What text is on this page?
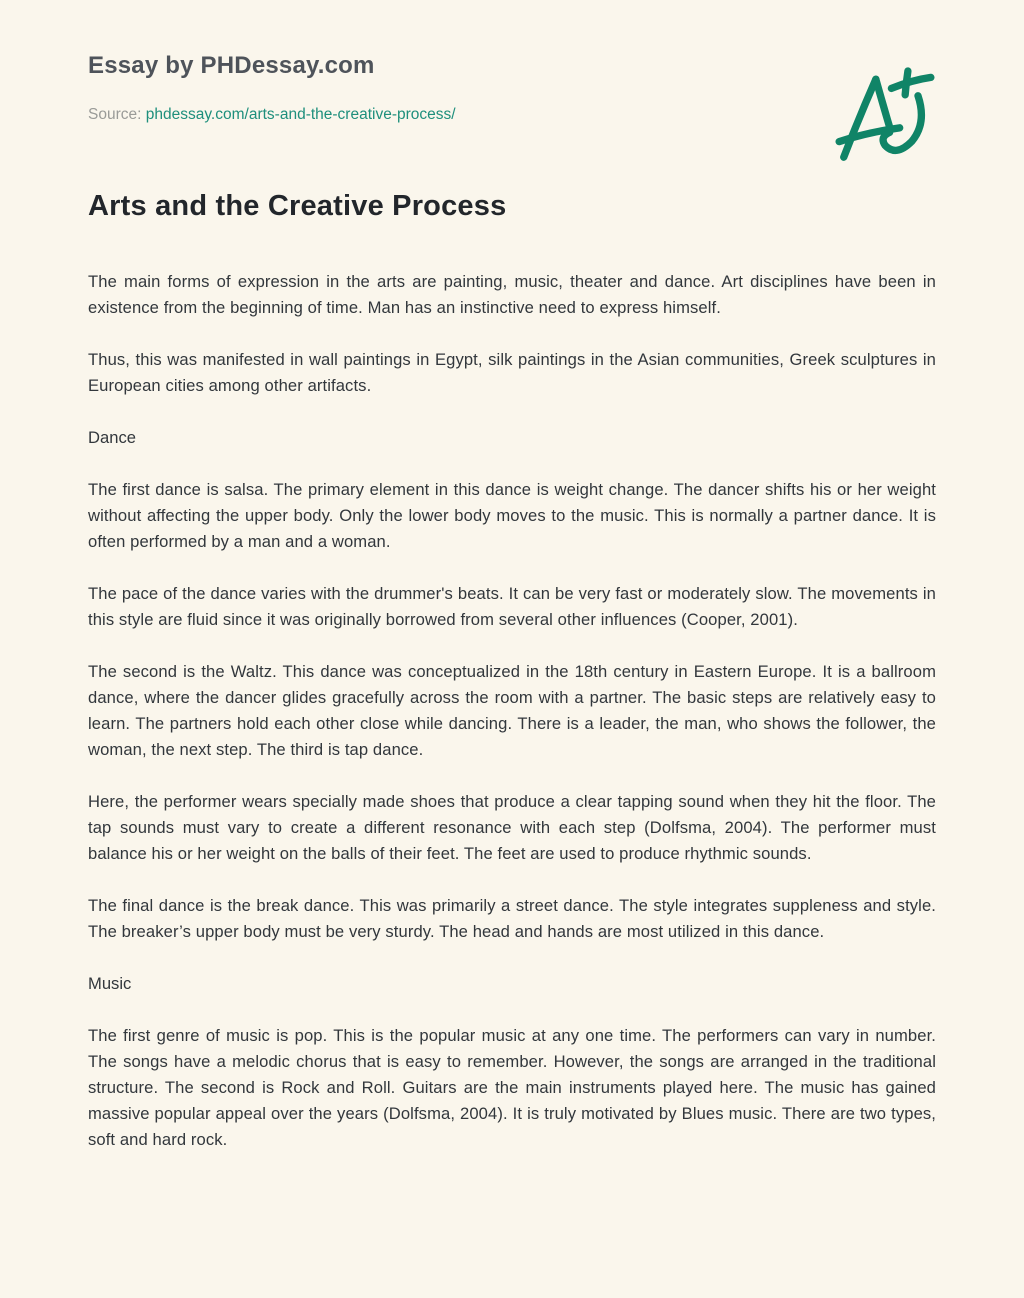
Essay by PHDessay.com
Source: phdessay.com/arts-and-the-creative-process/
Arts and the Creative Process

The main forms of expression in the arts are painting, music, theater and dance. Art disciplines have been in existence from the beginning of time. Man has an instinctive need to express himself.

Thus, this was manifested in wall paintings in Egypt, silk paintings in the Asian communities, Greek sculptures in European cities among other artifacts.

Dance

The first dance is salsa. The primary element in this dance is weight change. The dancer shifts his or her weight without affecting the upper body. Only the lower body moves to the music. This is normally a partner dance. It is often performed by a man and a woman.

The pace of the dance varies with the drummer's beats. It can be very fast or moderately slow. The movements in this style are fluid since it was originally borrowed from several other influences (Cooper, 2001).

The second is the Waltz. This dance was conceptualized in the 18th century in Eastern Europe. It is a ballroom dance, where the dancer glides gracefully across the room with a partner. The basic steps are relatively easy to learn. The partners hold each other close while dancing. There is a leader, the man, who shows the follower, the woman, the next step. The third is tap dance.

Here, the performer wears specially made shoes that produce a clear tapping sound when they hit the floor. The tap sounds must vary to create a different resonance with each step (Dolfsma, 2004). The performer must balance his or her weight on the balls of their feet. The feet are used to produce rhythmic sounds.

The final dance is the break dance. This was primarily a street dance. The style integrates suppleness and style. The breaker’s upper body must be very sturdy. The head and hands are most utilized in this dance.

Music

The first genre of music is pop. This is the popular music at any one time. The performers can vary in number. The songs have a melodic chorus that is easy to remember. However, the songs are arranged in the traditional structure. The second is Rock and Roll. Guitars are the main instruments played here. The music has gained massive popular appeal over the years (Dolfsma, 2004). It is truly motivated by Blues music. There are two types, soft and hard rock.
